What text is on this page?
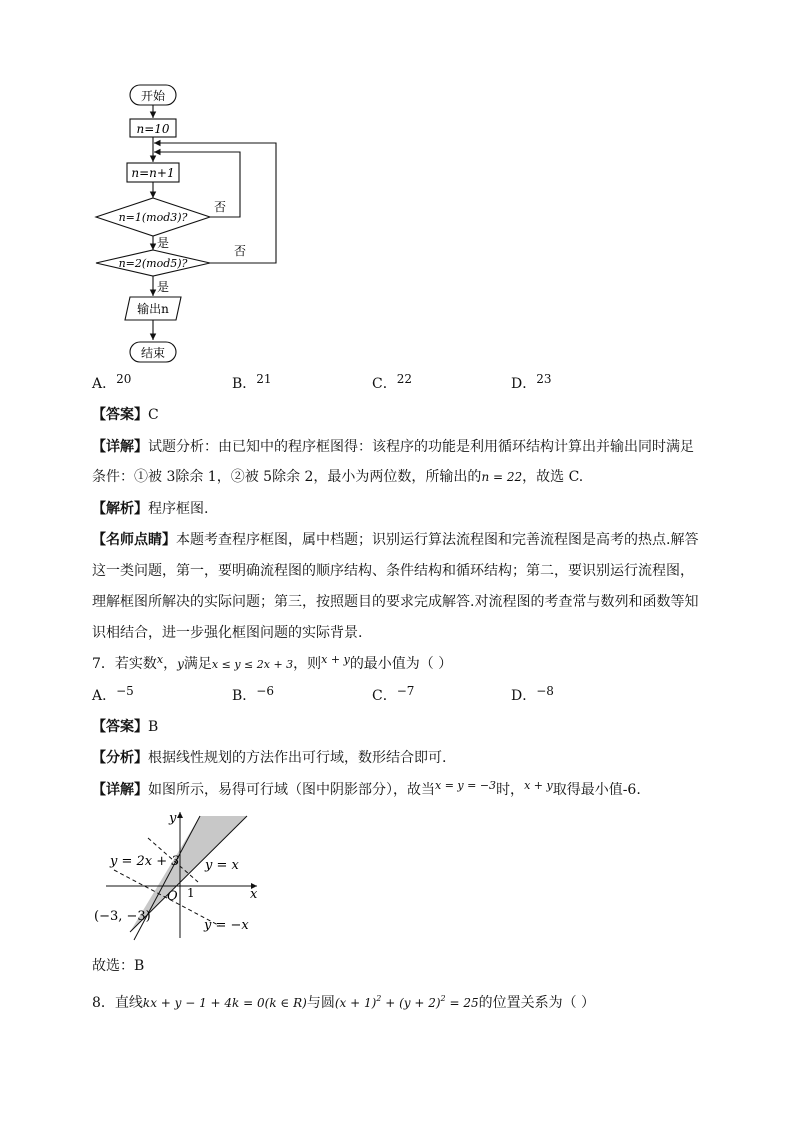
开始
n=10
n=n+1
n=1(mod3)?
n=2(mod5)?
否
否
是
是
输出n
结束
A．20	B．21	C．22	D．23
【答案】C
【详解】试题分析：由已知中的程序框图得：该程序的功能是利用循环结构计算出并输出同时满足
条件：①被 3除余 1，②被 5除余 2，最小为两位数，所输出的n = 22，故选 C.
【解析】程序框图.
【名师点睛】本题考查程序框图，属中档题；识别运行算法流程图和完善流程图是高考的热点.解答
这一类问题，第一，要明确流程图的顺序结构、条件结构和循环结构；第二，要识别运行流程图，
理解框图所解决的实际问题；第三，按照题目的要求完成解答.对流程图的考查常与数列和函数等知
识相结合，进一步强化框图问题的实际背景.
7．若实数$^x$，y满足x ≤ y ≤ 2x + 3，则$^{x + y}$的最小值为（ ）
A．−5	B．−6	C．−7	D．−8
【答案】B
【分析】根据线性规划的方法作出可行域，数形结合即可.
【详解】如图所示，易得可行域（图中阴影部分），故当$^{x = y = -3}$时，$^{x + y}$取得最小值-6.
y = 2x + 3 y = x
y = −x
(−3, −3)
O 1	x
y
故选：B
8．直线kx + y − 1 + 4k = 0(k ∈ R)与圆$(x + 1)^2 + (y + 2)^2 = 25$的位置关系为（ ）
